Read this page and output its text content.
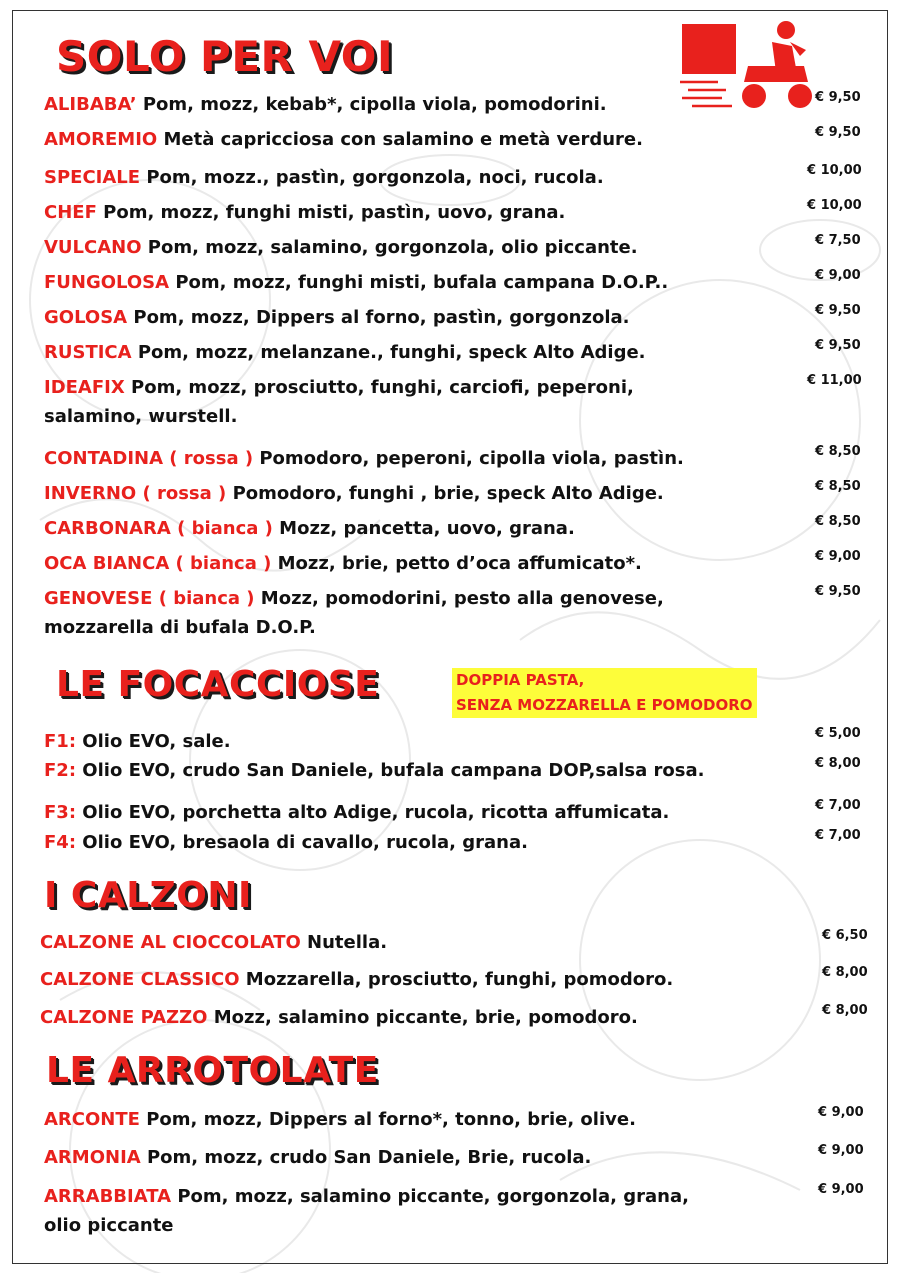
SOLO PER VOI
ALIBABA’ Pom, mozz, kebab*, cipolla viola, pomodorini.	€ 9,50
AMOREMIO Metà capricciosa con salamino e metà verdure.	€ 9,50
SPECIALE Pom, mozz., pastìn, gorgonzola, noci, rucola.	€ 10,00
CHEF Pom, mozz, funghi misti, pastìn, uovo, grana.	€ 10,00
VULCANO Pom, mozz, salamino, gorgonzola, olio piccante.	€ 7,50
FUNGOLOSA Pom, mozz, funghi misti, bufala campana D.O.P..	€ 9,00
GOLOSA Pom, mozz, Dippers al forno, pastìn, gorgonzola.	€ 9,50
RUSTICA Pom, mozz, melanzane., funghi, speck Alto Adige.	€ 9,50
IDEAFIX Pom, mozz, prosciutto, funghi, carciofi, peperoni,
salamino, wurstell.
€ 11,00
CONTADINA ( rossa ) Pomodoro, peperoni, cipolla viola, pastìn.	€ 8,50
INVERNO ( rossa ) Pomodoro, funghi , brie, speck Alto Adige.	€ 8,50
CARBONARA ( bianca ) Mozz, pancetta, uovo, grana.	€ 8,50
OCA BIANCA ( bianca ) Mozz, brie, petto d’oca affumicato*.	€ 9,00
GENOVESE ( bianca ) Mozz, pomodorini, pesto alla genovese,
mozzarella di bufala D.O.P.
€ 9,50
LE FOCACCIOSE	DOPPIA PASTA,
SENZA MOZZARELLA E POMODORO
F1: Olio EVO, sale.	€ 5,00
F2: Olio EVO, crudo San Daniele, bufala campana DOP,salsa rosa.	€ 8,00
F3: Olio EVO, porchetta alto Adige, rucola, ricotta affumicata.	€ 7,00
F4: Olio EVO, bresaola di cavallo, rucola, grana.	€ 7,00
I CALZONI
CALZONE AL CIOCCOLATO Nutella.	€ 6,50
CALZONE CLASSICO Mozzarella, prosciutto, funghi, pomodoro.	€ 8,00
CALZONE PAZZO Mozz, salamino piccante, brie, pomodoro.	€ 8,00
LE ARROTOLATE
ARCONTE Pom, mozz, Dippers al forno*, tonno, brie, olive.	€ 9,00
ARMONIA Pom, mozz, crudo San Daniele, Brie, rucola.	€ 9,00
ARRABBIATA Pom, mozz, salamino piccante, gorgonzola, grana,
olio piccante
€ 9,00
